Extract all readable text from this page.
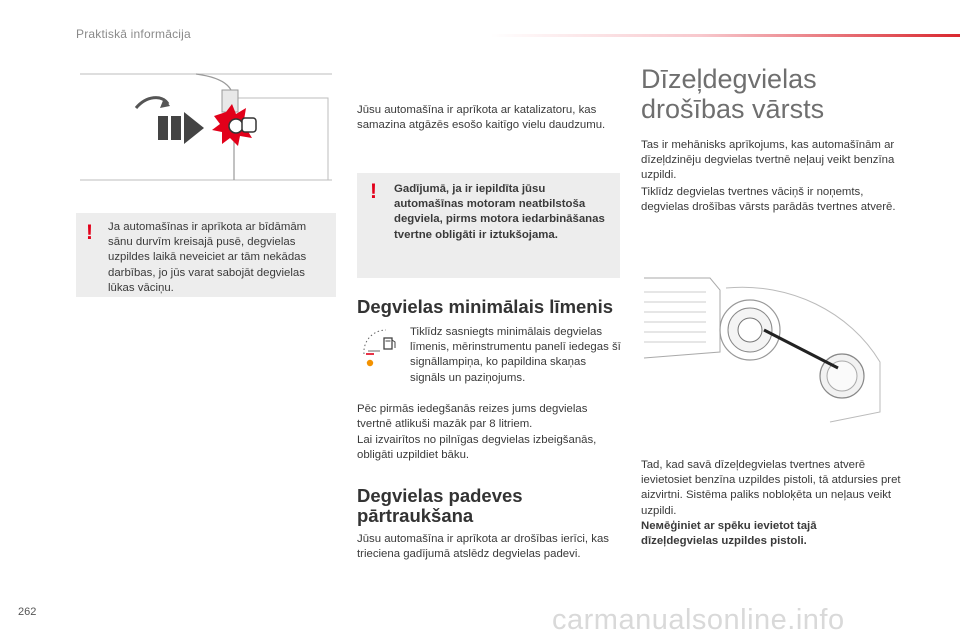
Praktiskā informācija
! Ja automašīnas ir aprīkota ar bīdāmām sānu durvīm kreisajā pusē, degvielas uzpildes laikā neveiciet ar tām nekādas darbības, jo jūs varat sabojāt degvielas lūkas vāciņu.
Jūsu automašīna ir aprīkota ar katalizatoru, kas samazina atgāzēs esošo kaitīgo vielu daudzumu.
! Gadījumā, ja ir iepildīta jūsu automašīnas motoram neatbilstoša degviela, pirms motora iedarbināšanas tvertne obligāti ir iztukšojama.
Degvielas minimālais līmenis
Tiklīdz sasniegts minimālais degvielas līmenis, mērinstrumentu panelī iedegas šī signāllampiņa, ko papildina skaņas signāls un paziņojums.
Pēc pirmās iedegšanās reizes jums degvielas tvertnē atlikuši mazāk par 8 litriem.
Lai izvairītos no pilnīgas degvielas izbeigšanās, obligāti uzpildiet bāku.
Degvielas padeves
pārtraukšana
Jūsu automašīna ir aprīkota ar drošības ierīci, kas trieciena gadījumā atslēdz degvielas padevi.
Dīzeļdegvielas
drošības vārsts
Tas ir mehānisks aprīkojums, kas automašīnām ar dīzeļdzinēju degvielas tvertnē neļauj veikt benzīna uzpildi.
Tiklīdz degvielas tvertnes vāciņš ir noņemts, degvielas drošības vārsts parādās tvertnes atverē.
Tad, kad savā dīzeļdegvielas tvertnes atverē ievietosiet benzīna uzpildes pistoli, tā atdursies pret aizvirtni. Sistēma paliks nobloķēta un neļaus veikt uzpildi.
Neмēģiniet ar spēku ievietot tajā dīzeļdegvielas uzpildes pistoli.
262	carmanualsonline.info
